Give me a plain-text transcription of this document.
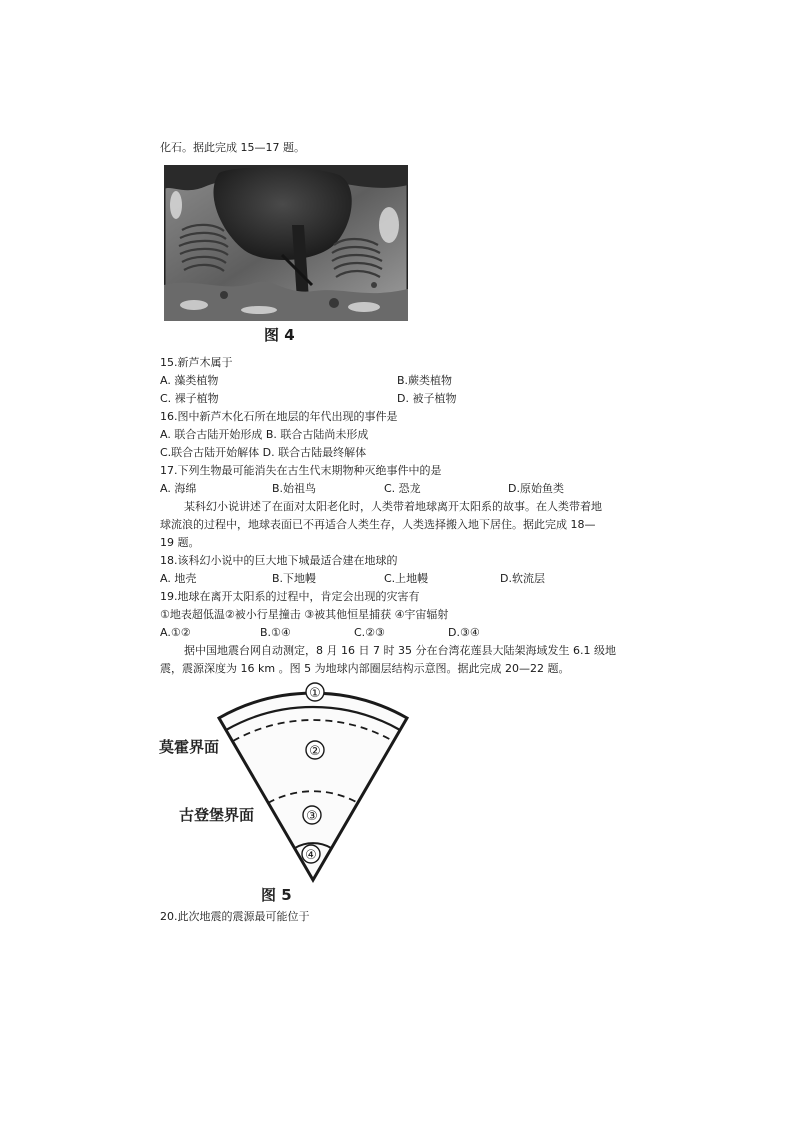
化石。据此完成 15—17 题。
图 4
15.新芦木属于
A. 藻类植物	B.蕨类植物
C. 裸子植物	D. 被子植物
16.图中新芦木化石所在地层的年代出现的事件是
A. 联合古陆开始形成 B. 联合古陆尚未形成
C.联合古陆开始解体 D. 联合古陆最终解体
17.下列生物最可能消失在古生代末期物种灭绝事件中的是
A. 海绵	B.始祖鸟	C. 恐龙	D.原始鱼类
某科幻小说讲述了在面对太阳老化时，人类带着地球离开太阳系的故事。在人类带着地
球流浪的过程中，地球表面已不再适合人类生存，人类选择搬入地下居住。据此完成 18—
19 题。
18.该科幻小说中的巨大地下城最适合建在地球的
A. 地壳	B.下地幔	C.上地幔	D.软流层
19.地球在离开太阳系的过程中，肯定会出现的灾害有
①地表超低温②被小行星撞击 ③被其他恒星捕获 ④宇宙辐射
A.①②	B.①④	C.②③	D.③④
据中国地震台网自动测定，8 月 16 日 7 时 35 分在台湾花莲县大陆架海域发生 6.1 级地
震，震源深度为 16 km 。图 5 为地球内部圈层结构示意图。据此完成 20—22 题。
①
②
③
④
莫霍界面
古登堡界面
图 5
20.此次地震的震源最可能位于
